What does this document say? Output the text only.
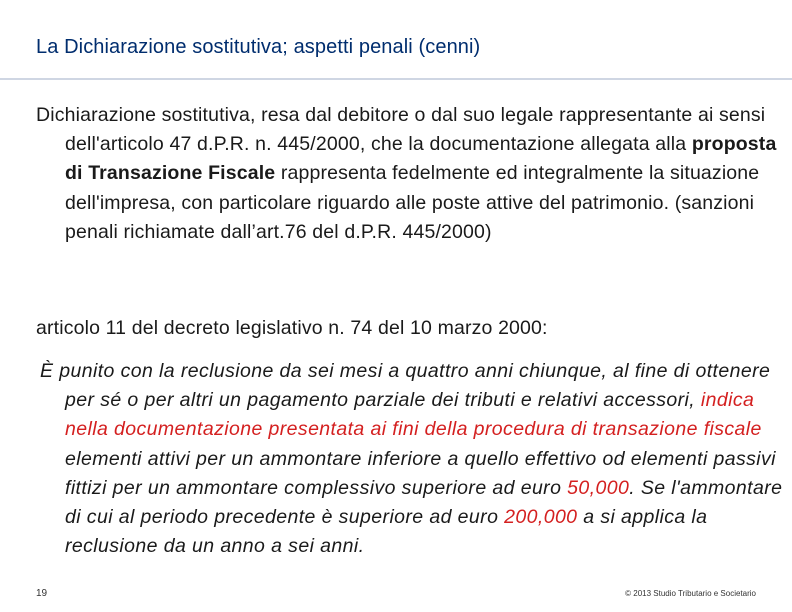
La Dichiarazione sostitutiva; aspetti penali (cenni)
Dichiarazione sostitutiva, resa dal debitore o dal suo legale rappresentante ai sensi dell'articolo 47 d.P.R. n. 445/2000, che la documentazione allegata alla proposta di Transazione Fiscale rappresenta fedelmente ed integralmente la situazione dell'impresa, con particolare riguardo alle poste attive del patrimonio. (sanzioni penali richiamate dall’art.76 del d.P.R. 445/2000)
articolo 11 del decreto legislativo n. 74 del 10 marzo 2000:
È punito con la reclusione da sei mesi a quattro anni chiunque, al fine di ottenere per sé o per altri un pagamento parziale dei tributi e relativi accessori, indica nella documentazione presentata ai fini della procedura di transazione fiscale elementi attivi per un ammontare inferiore a quello effettivo od elementi passivi fittizi per un ammontare complessivo superiore ad euro 50,000. Se l'ammontare di cui al periodo precedente è superiore ad euro 200,000 a si applica la reclusione da un anno a sei anni.
19	© 2013 Studio Tributario e Societario
